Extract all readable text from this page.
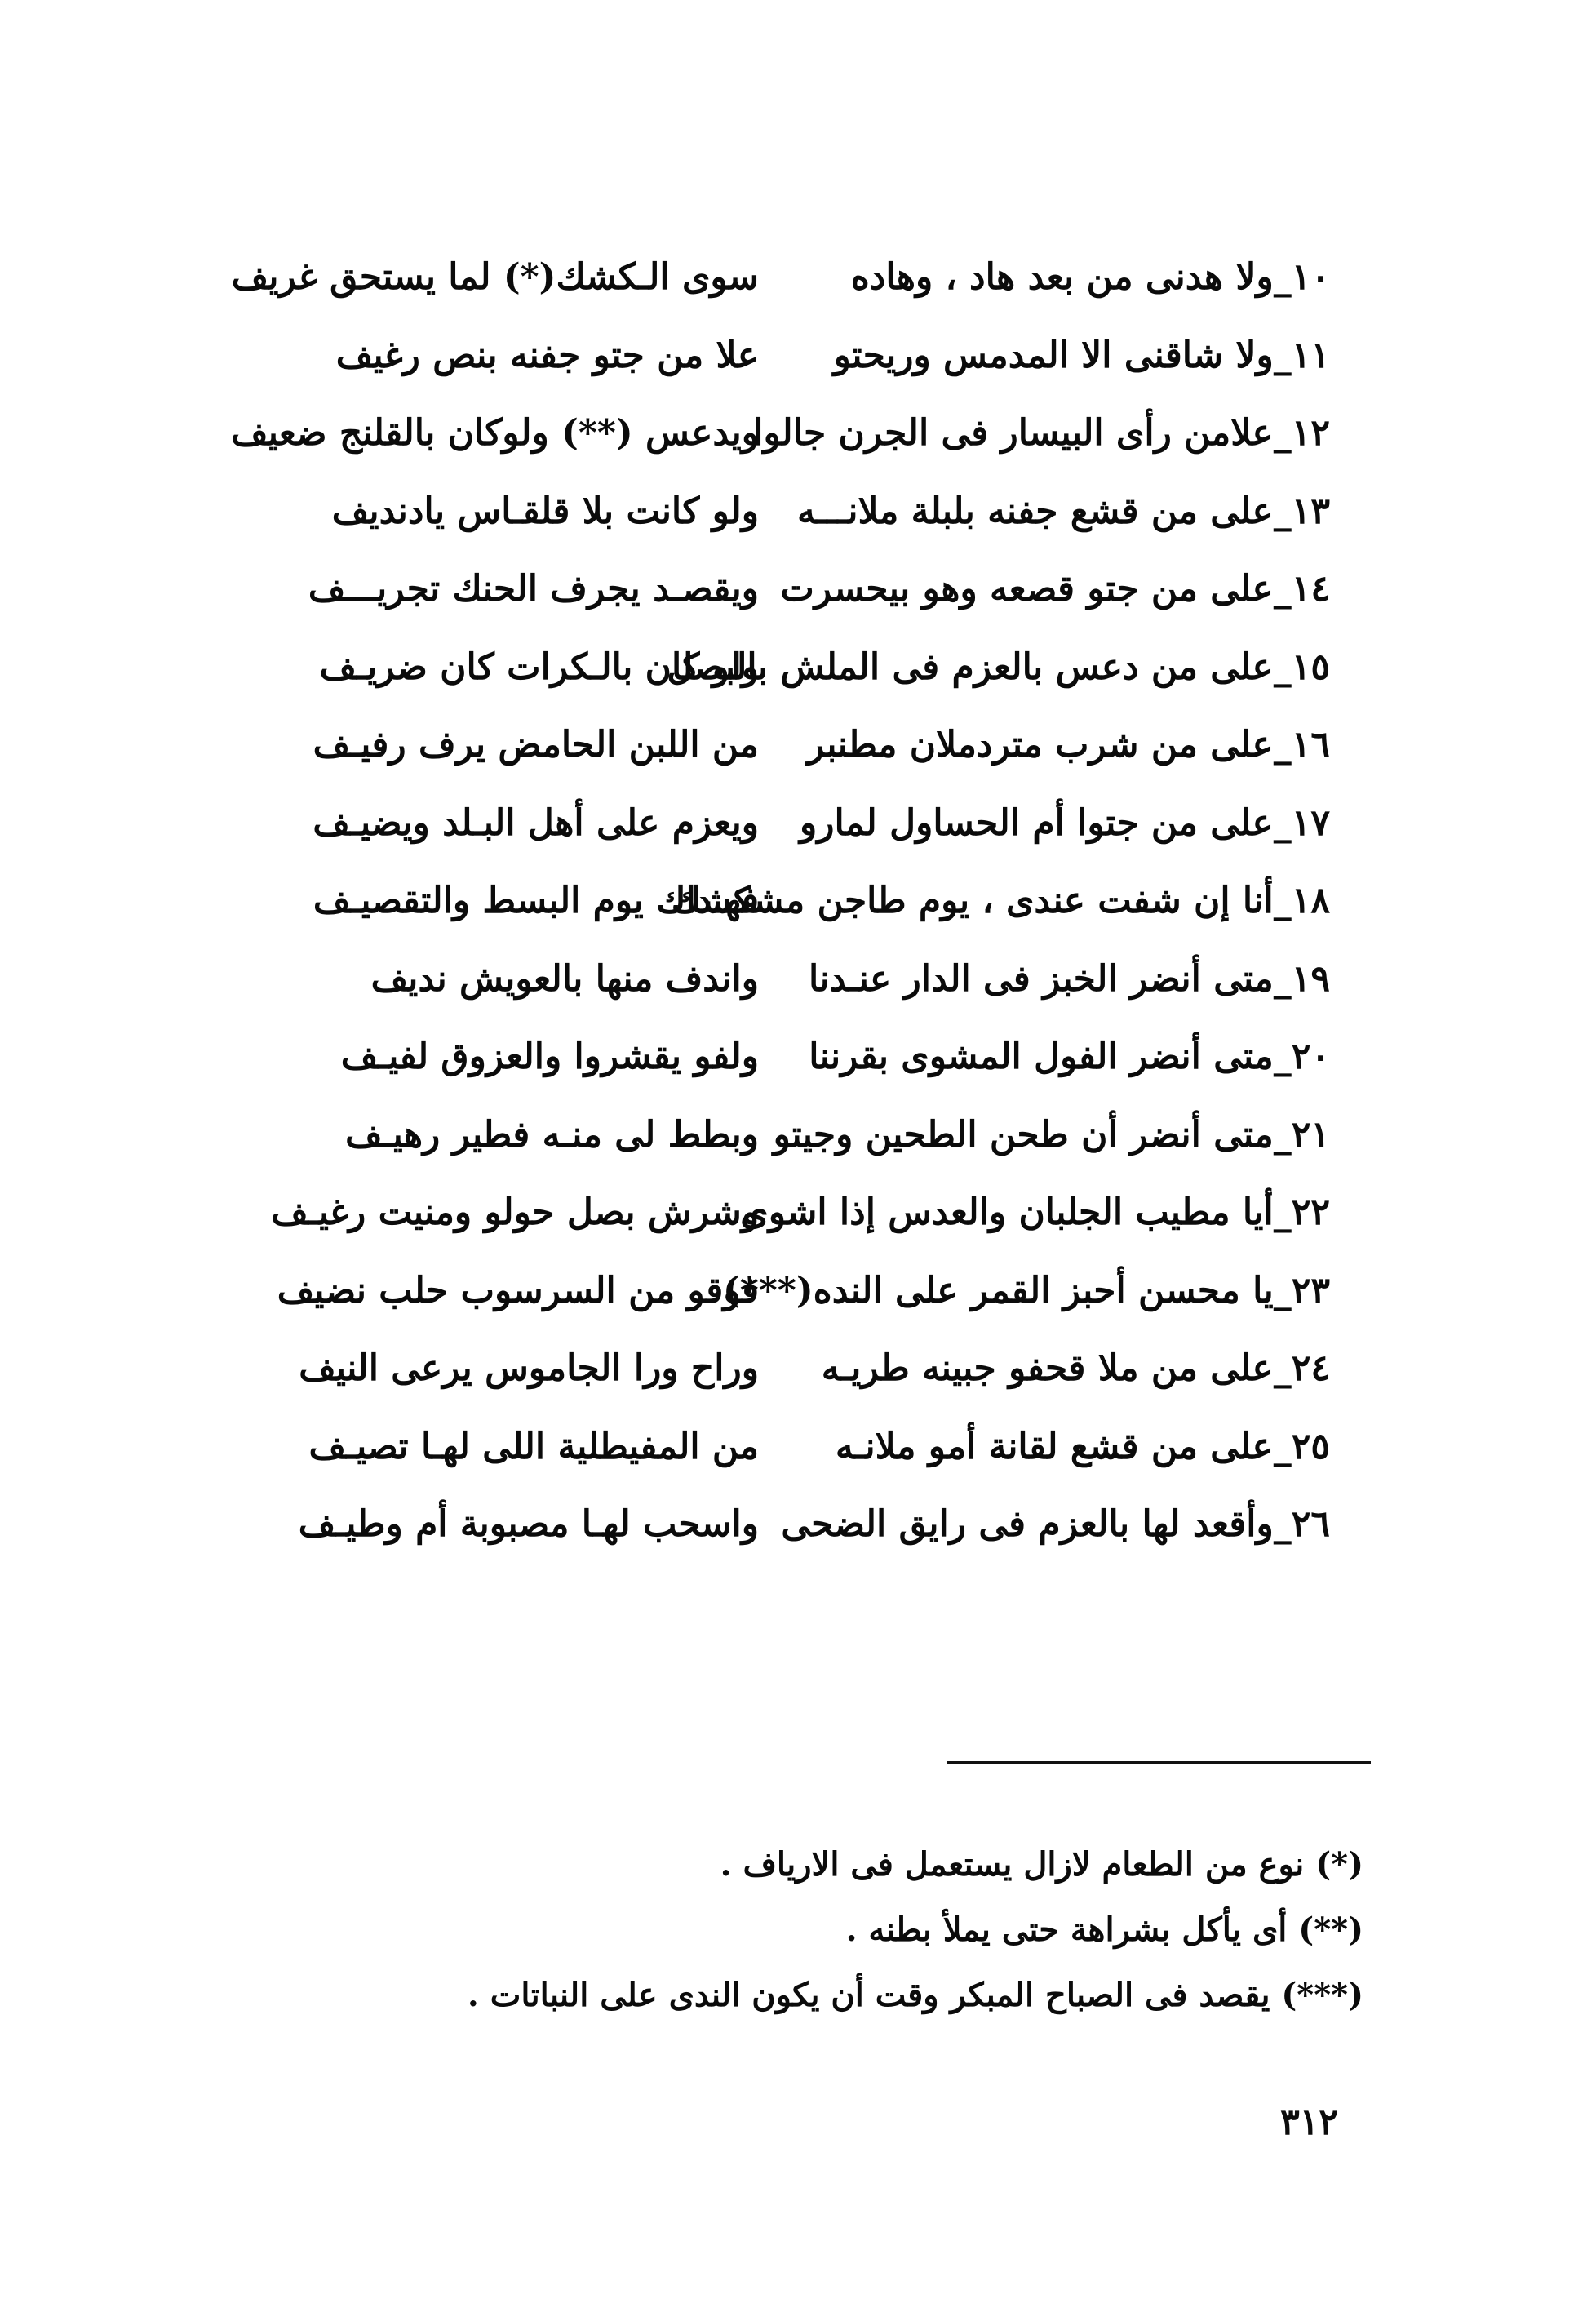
١٠_ولا هدنى من بعد هاد ، وهاده
سوى الـكشك(*) لما يستحق غريف
١١_ولا شاقنى الا المدمس وريحتو
علا من جتو جفنه بنص رغيف
١٢_علامن رأى البيسار فى الجرن جالوا
ويدعس (**) ولوكان بالقلنج ضعيف
١٣_على من قشع جفنه بلبلة ملانـــه
ولو كانت بلا قلقـاس يادنديف
١٤_على من جتو قصعه وهو بيحسرت
ويقصـد يجرف الحنك تجريـــف
١٥_على من دعس بالعزم فى الملش بالبصل
ولو كان بالـكرات كان ضريـف
١٦_على من شرب متردملان مطنبر
من اللبن الحامض يرف رفيـف
١٧_على من جتوا أم الحساول لمارو
ويعزم على أهل البـلد ويضيـف
١٨_أنا إن شفت عندى ، يوم طاجن مشكشك
فهـداك يوم البسط والتقصيـف
١٩_متى أنضر الخبز فى الدار عنـدنا
واندف منها بالعويش نديف
٢٠_متى أنضر الفول المشوى بقرننا
ولفو يقشروا والعزوق لفيـف
٢١_متى أنضر أن طحن الطحين وجيتو
وبطط لى منـه فطير رهيـف
٢٢_أيا مطيب الجلبان والعدس إذا اشوى
وشرش بصل حولو ومنيت رغيـف
٢٣_يا محسن أحبز القمر على النده(***)
فوقو من السرسوب حلب نضيف
٢٤_على من ملا قحفو جبينه طريـه
وراح ورا الجاموس يرعى النيف
٢٥_على من قشع لقانة أمو ملانـه
من المفيطلية اللى لهـا تصيـف
٢٦_وأقعد لها بالعزم فى رايق الضحى
واسحب لهـا مصبوبة أم وطيـف
(*) نوع من الطعام لازال يستعمل فى الارياف .
(**) أى يأكل بشراهة حتى يملأ بطنه .
(***) يقصد فى الصباح المبكر وقت أن يكون الندى على النباتات .
٣١٢
